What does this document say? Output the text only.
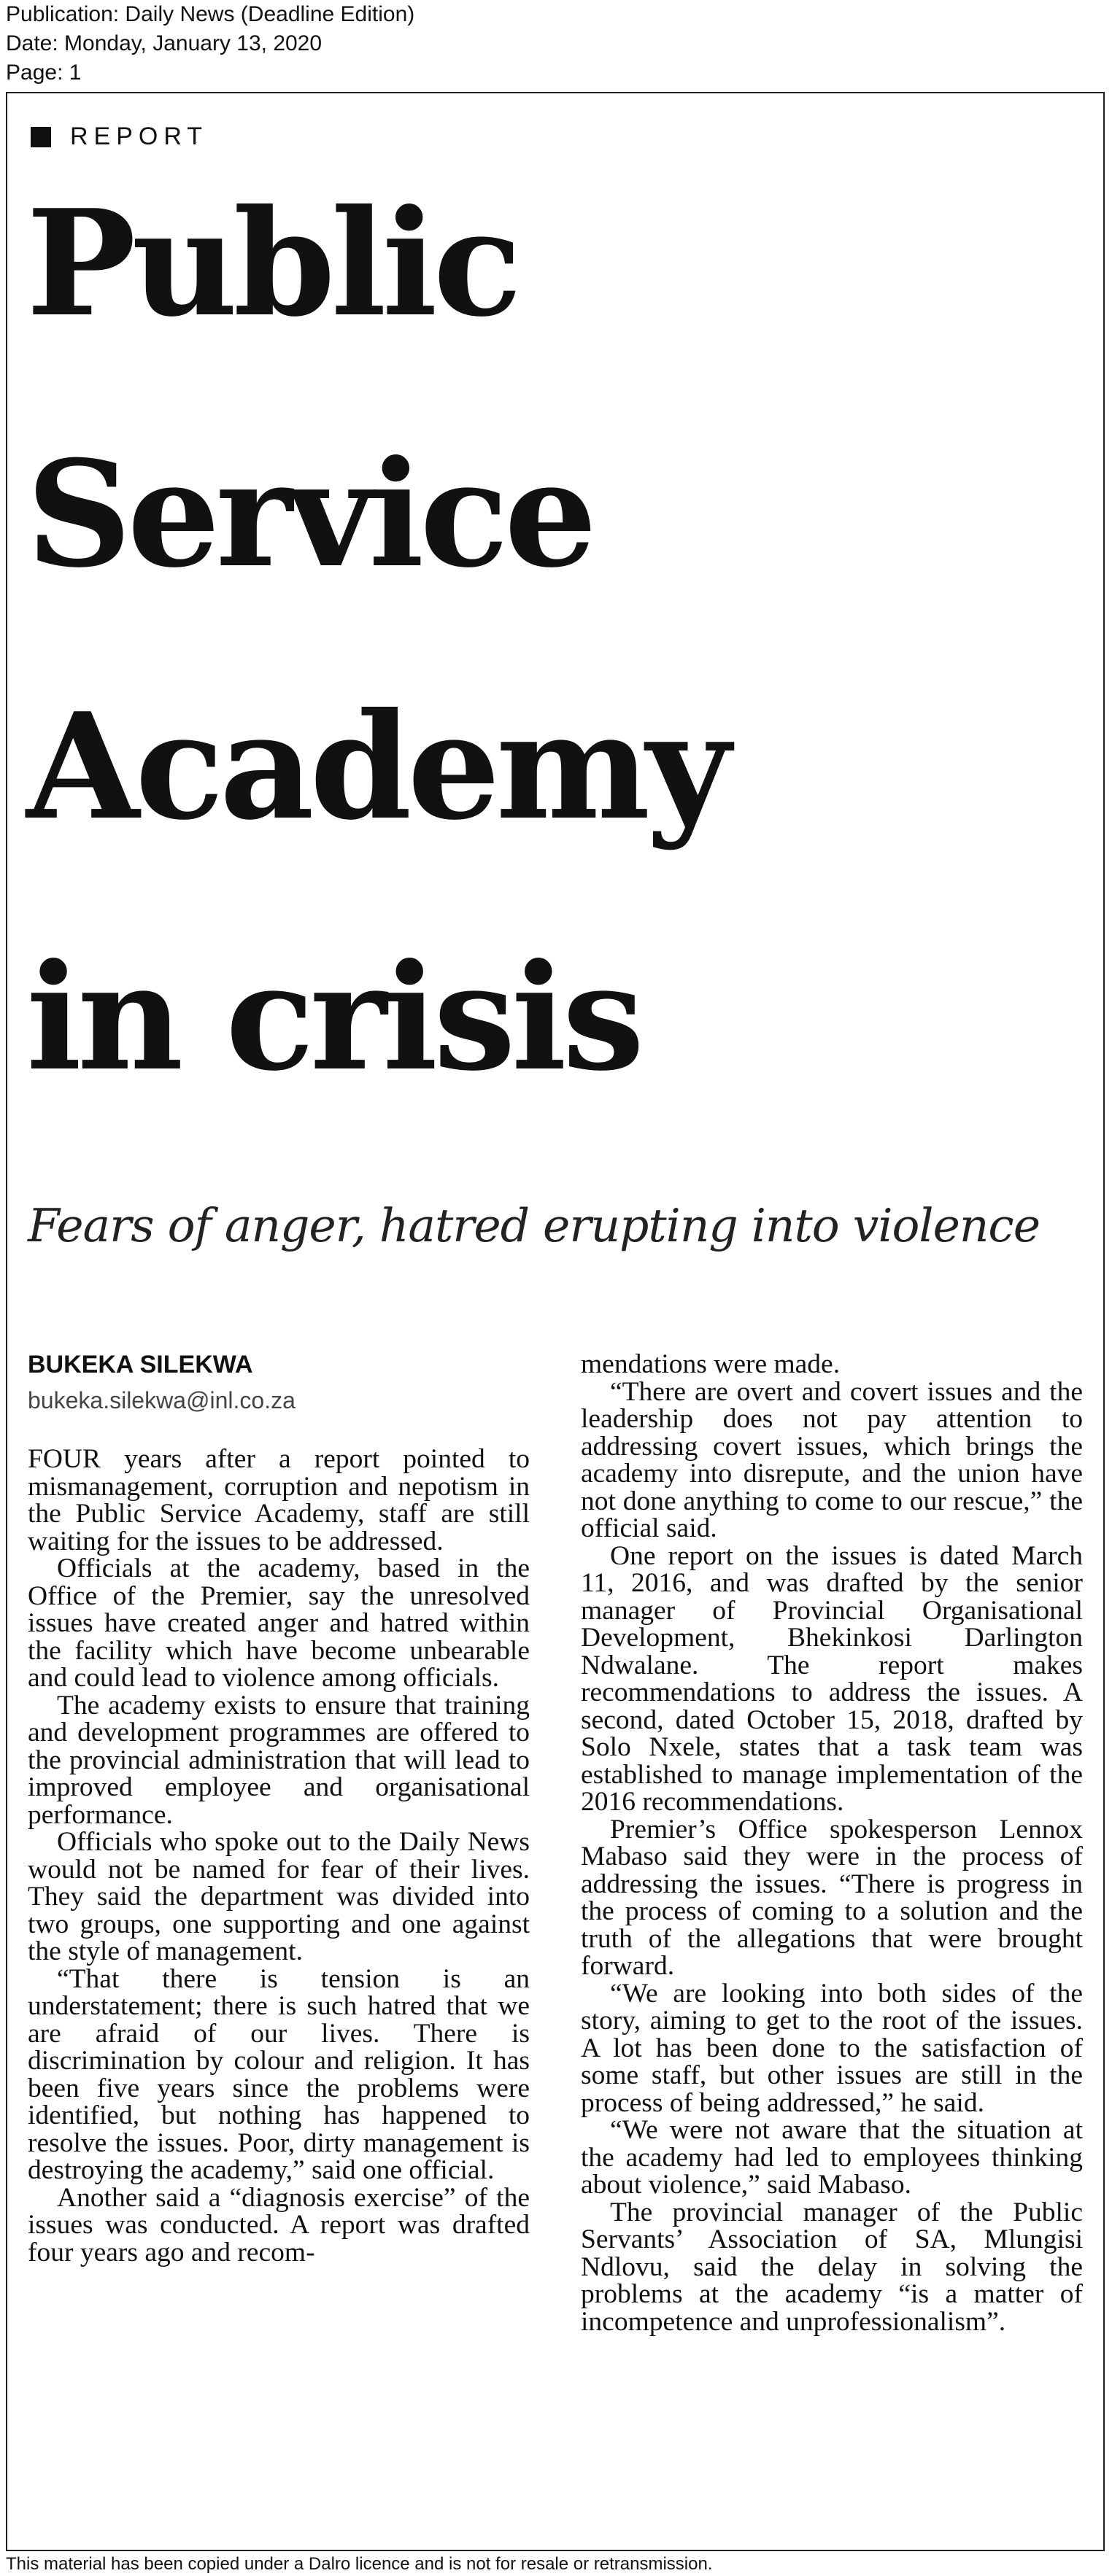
Publication: Daily News (Deadline Edition)
Date: Monday, January 13, 2020
Page: 1
REPORT
Public
Service
Academy
in crisis
Fears of anger, hatred erupting into violence
BUKEKA SILEKWA
bukeka.silekwa@inl.co.za

FOUR years after a report pointed to mismanagement, corruption and nepotism in the Public Service Academy, staff are still waiting for the issues to be addressed.

Officials at the academy, based in the Office of the Premier, say the unresolved issues have created anger and hatred within the facility which have become unbearable and could lead to violence among officials.

The academy exists to ensure that training and development programmes are offered to the provincial administration that will lead to improved employee and organisational performance.

Officials who spoke out to the Daily News would not be named for fear of their lives. They said the department was divided into two groups, one supporting and one against the style of management.

“That there is tension is an understatement; there is such hatred that we are afraid of our lives. There is discrimination by colour and religion. It has been five years since the problems were identified, but nothing has happened to resolve the issues. Poor, dirty management is destroying the academy,” said one official.

Another said a “diagnosis exercise” of the issues was conducted. A report was drafted four years ago and recom-

mendations were made.

“There are overt and covert issues and the leadership does not pay attention to addressing covert issues, which brings the academy into disrepute, and the union have not done anything to come to our rescue,” the official said.

One report on the issues is dated March 11, 2016, and was drafted by the senior manager of Provincial Organisational Development, Bhekinkosi Darlington Ndwalane. The report makes recommendations to address the issues. A second, dated October 15, 2018, drafted by Solo Nxele, states that a task team was established to manage implementation of the 2016 recommendations.

Premier’s Office spokesperson Lennox Mabaso said they were in the process of addressing the issues. “There is progress in the process of coming to a solution and the truth of the allegations that were brought forward.

“We are looking into both sides of the story, aiming to get to the root of the issues. A lot has been done to the satisfaction of some staff, but other issues are still in the process of being addressed,” he said.

“We were not aware that the situation at the academy had led to employees thinking about violence,” said Mabaso.

The provincial manager of the Public Servants’ Association of SA, Mlungisi Ndlovu, said the delay in solving the problems at the academy “is a matter of incompetence and unprofessionalism”.

This material has been copied under a Dalro licence and is not for resale or retransmission.
